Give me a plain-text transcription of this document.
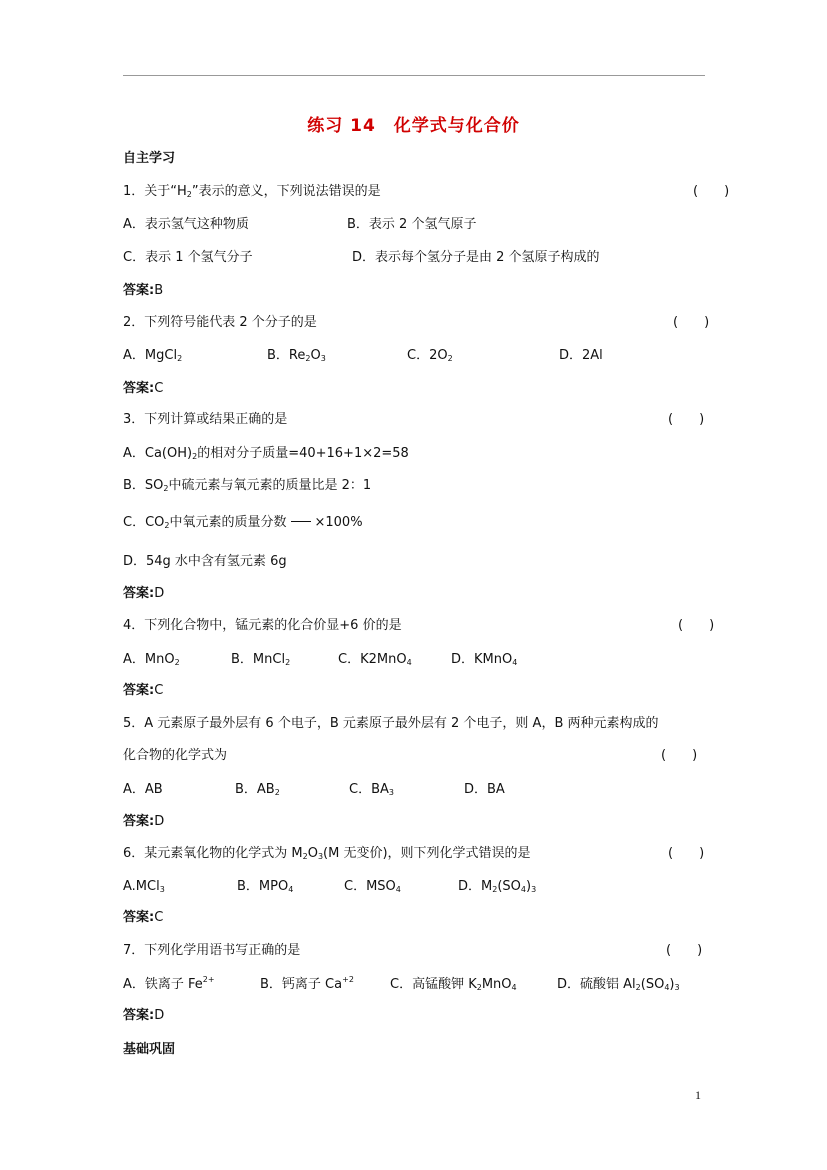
练习 14　化学式与化合价
自主学习
1．关于“$H_2$”表示的意义，下列说法错误的是	(　　)
A．表示氢气这种物质	B．表示 2 个氢气原子
C．表示 1 个氢气分子	D．表示每个氢分子是由 2 个氢原子构成的
答案:B
2．下列符号能代表 2 个分子的是	(　　)
A．MgCl$_2$	B．$Re_2O_3$	C．$2O_2$	D．2Al
答案:C
3．下列计算或结果正确的是	(　　)
A．$Ca(OH)_2$的相对分子质量=40+16+1×2=58
B．$SO_2$中硫元素与氧元素的质量比是 2：1
C．$CO_2$中氧元素的质量分数 ×100%
D．54g 水中含有氢元素 6g
答案:D
4．下列化合物中，锰元素的化合价显+6 价的是	(　　)
A．MnO$_2$	B．MnCl$_2$	C．K2MnO$_4$	D．KMnO$_4$
答案:C
5．A 元素原子最外层有 6 个电子，B 元素原子最外层有 2 个电子，则 A，B 两种元素构成的
化合物的化学式为	(　　)
A．AB	B．$AB_2$	C．$BA_3$	D．BA
答案:D
6．某元素氧化物的化学式为 $M_2O_3(M$ 无变价)，则下列化学式错误的是	(　　)
A.MCl$_3$	B．$MPO_4$	C．$MSO_4$	D．$M_2(SO_4)_3$
答案:C
7．下列化学用语书写正确的是	(　　)
A．铁离子 $Fe^{2+}$	B．钙离子 $Ca^{+2}$	C．高锰酸钾 $K_2MnO_4$	D．硫酸铝 $Al_2(SO_4)_3$
答案:D
基础巩固
1
